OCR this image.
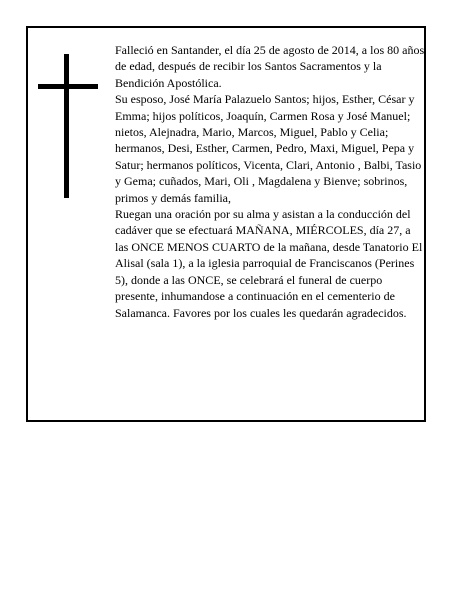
Falleció en Santander, el día 25 de agosto de 2014, a los 80 años de edad, después de recibir los Santos Sacramentos y la Bendición Apostólica.

Su esposo, José María Palazuelo Santos; hijos, Esther, César y Emma; hijos políticos, Joaquín, Carmen Rosa y José Manuel; nietos, Alejnadra, Mario, Marcos, Miguel, Pablo y Celia; hermanos, Desi, Esther, Carmen, Pedro, Maxi, Miguel, Pepa y Satur; hermanos políticos, Vicenta, Clari, Antonio , Balbi, Tasio y Gema; cuñados, Mari, Oli , Magdalena y Bienve; sobrinos, primos y demás familia,

Ruegan una oración por su alma y asistan a la conducción del cadáver que se efectuará MAÑANA, MIÉRCOLES, día 27, a las ONCE MENOS CUARTO de la mañana, desde Tanatorio El Alisal (sala 1), a la iglesia parroquial de Franciscanos (Perines 5), donde a las ONCE, se celebrará el funeral de cuerpo presente, inhumandose a continuación en el cementerio de Salamanca. Favores por los cuales les quedarán agradecidos.
